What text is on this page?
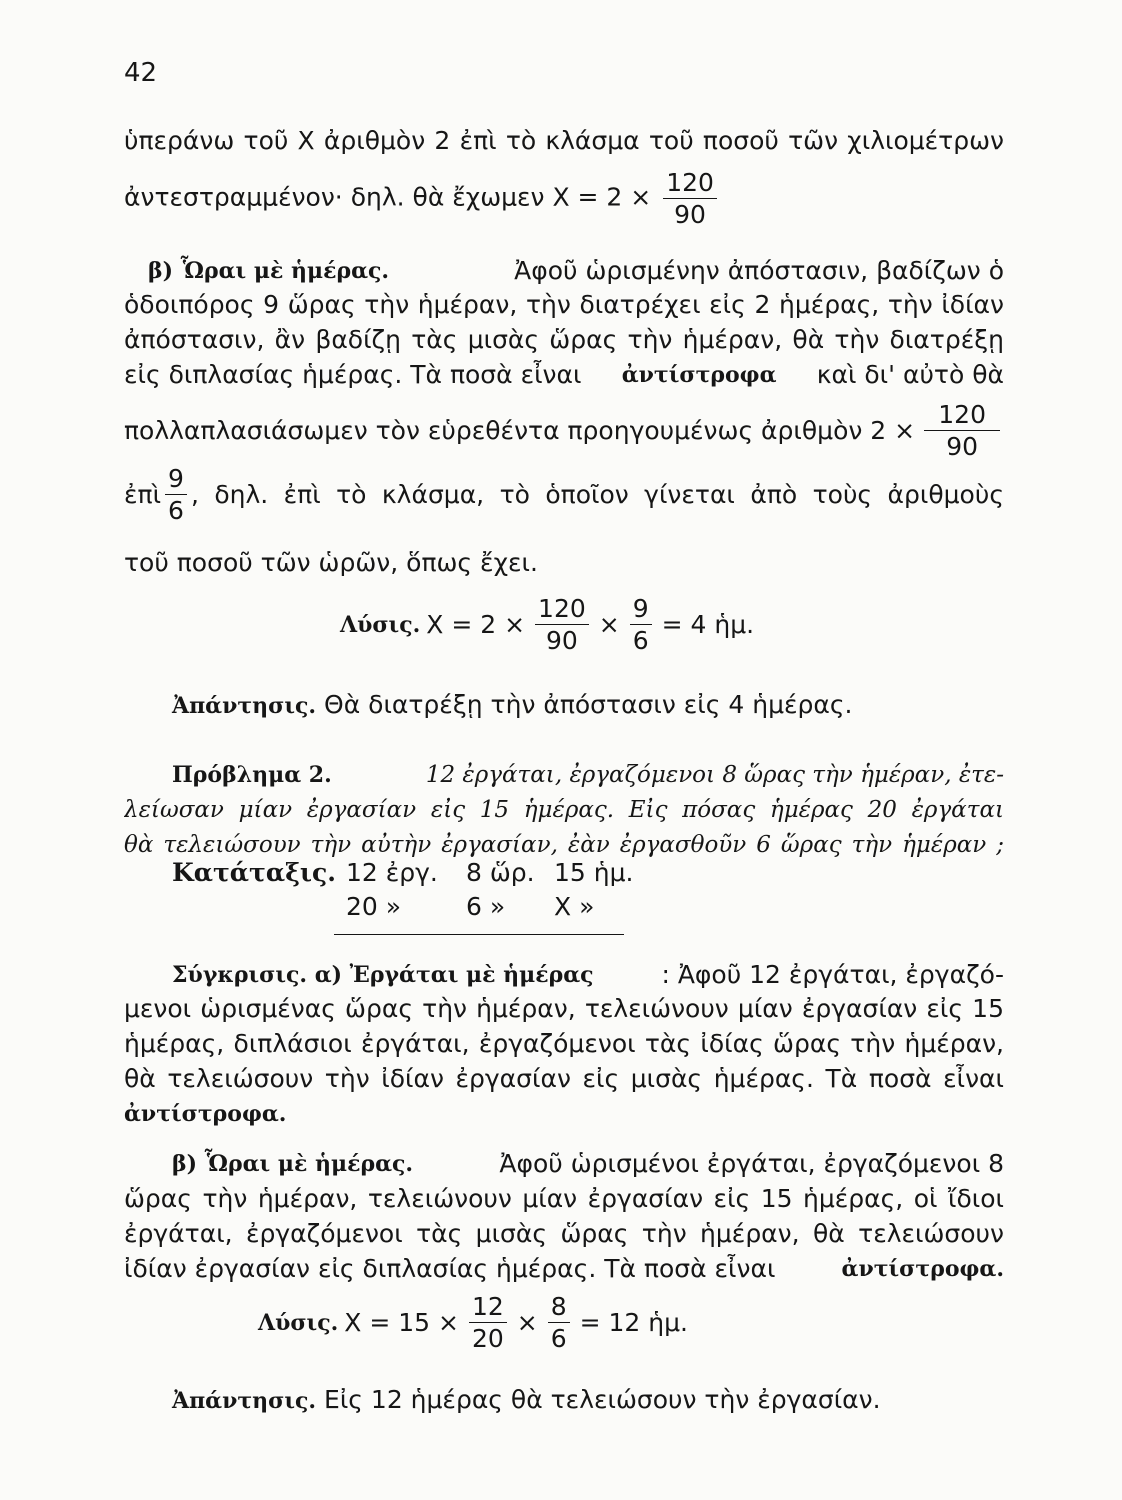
42
ὑπεράνω τοῦ Χ ἀριθμὸν 2 ἐπὶ τὸ κλάσμα τοῦ ποσοῦ τῶν χιλιομέτρων
ἀντεστραμμένον· δηλ. θὰ ἔχωμεν $X = 2 \times \frac{120}{90}$
β) Ὧραι μὲ ἡμέρας.	Ἀφοῦ ὡρισμένην ἀπόστασιν, βαδίζων ὁ
ὁδοιπόρος 9 ὥρας τὴν ἡμέραν, τὴν διατρέχει εἰς 2 ἡμέρας, τὴν ἰδίαν
ἀπόστασιν, ἂν βαδίζῃ τὰς μισὰς ὥρας τὴν ἡμέραν, θὰ τὴν διατρέξῃ
εἰς διπλασίας ἡμέρας. Τὰ ποσὰ εἶναι ἀντίστροφα καὶ δι' αὐτὸ θὰ
πολλαπλασιάσωμεν τὸν εὑρεθέντα προηγουμένως ἀριθμὸν $2 \times \frac{120}{90}$
ἐπὶ $\frac{9}{6}$ , δηλ. ἐπὶ τὸ κλάσμα, τὸ ὁποῖον γίνεται ἀπὸ τοὺς ἀριθμοὺς
τοῦ ποσοῦ τῶν ὡρῶν, ὅπως ἔχει.
Λύσις. $X = 2 \times \frac{120}{90} \times \frac{9}{6} = 4$ ἡμ.
Ἀπάντησις. Θὰ διατρέξῃ τὴν ἀπόστασιν εἰς 4 ἡμέρας.
Πρόβλημα 2.	12 ἐργάται, ἐργαζόμενοι 8 ὥρας τὴν ἡμέραν, ἐτε-
λείωσαν μίαν ἐργασίαν εἰς 15 ἡμέρας. Εἰς πόσας ἡμέρας 20 ἐργάται
θὰ τελειώσουν τὴν αὐτὴν ἐργασίαν, ἐὰν ἐργασθοῦν 6 ὥρας τὴν ἡμέραν ;
Κατάταξις. 12 ἐργ. 8 ὥρ. 15 ἡμ.
20 »	6 » Χ »
Σύγκρισις. α) Ἐργάται μὲ ἡμέρας	: Ἀφοῦ 12 ἐργάται, ἐργαζό-
μενοι ὡρισμένας ὥρας τὴν ἡμέραν, τελειώνουν μίαν ἐργασίαν εἰς 15
ἡμέρας, διπλάσιοι ἐργάται, ἐργαζόμενοι τὰς ἰδίας ὥρας τὴν ἡμέραν,
θὰ τελειώσουν τὴν ἰδίαν ἐργασίαν εἰς μισὰς ἡμέρας. Τὰ ποσὰ εἶναι
ἀντίστροφα.
β) Ὧραι μὲ ἡμέρας.	Ἀφοῦ ὡρισμένοι ἐργάται, ἐργαζόμενοι 8
ὥρας τὴν ἡμέραν, τελειώνουν μίαν ἐργασίαν εἰς 15 ἡμέρας, οἱ ἴδιοι
ἐργάται, ἐργαζόμενοι τὰς μισὰς ὥρας τὴν ἡμέραν, θὰ τελειώσουν
ἰδίαν ἐργασίαν εἰς διπλασίας ἡμέρας. Τὰ ποσὰ εἶναι	ἀντίστροφα.
Λύσις. $X = 15 \times \frac{12}{20} \times \frac{8}{6} = 12$ ἡμ.
Ἀπάντησις. Εἰς 12 ἡμέρας θὰ τελειώσουν τὴν ἐργασίαν.
